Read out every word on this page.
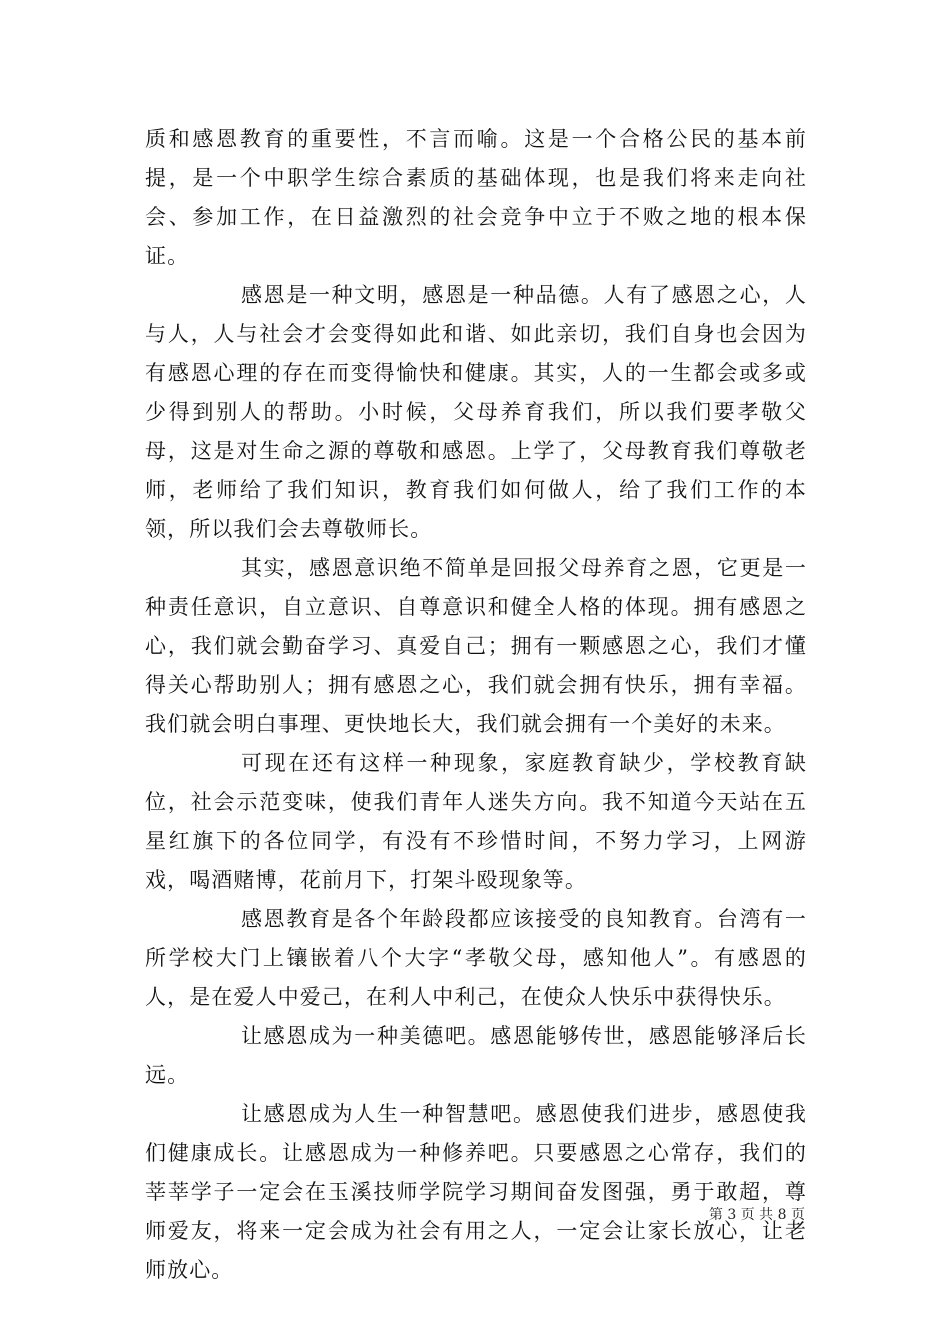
质和感恩教育的重要性，不言而喻。这是一个合格公民的基本前提，是一个中职学生综合素质的基础体现，也是我们将来走向社会、参加工作，在日益激烈的社会竞争中立于不败之地的根本保证。

感恩是一种文明，感恩是一种品德。人有了感恩之心，人与人，人与社会才会变得如此和谐、如此亲切，我们自身也会因为有感恩心理的存在而变得愉快和健康。其实，人的一生都会或多或少得到别人的帮助。小时候，父母养育我们，所以我们要孝敬父母，这是对生命之源的尊敬和感恩。上学了，父母教育我们尊敬老师，老师给了我们知识，教育我们如何做人，给了我们工作的本领，所以我们会去尊敬师长。

其实，感恩意识绝不简单是回报父母养育之恩，它更是一种责任意识，自立意识、自尊意识和健全人格的体现。拥有感恩之心，我们就会勤奋学习、真爱自己；拥有一颗感恩之心，我们才懂得关心帮助别人；拥有感恩之心，我们就会拥有快乐，拥有幸福。我们就会明白事理、更快地长大，我们就会拥有一个美好的未来。

可现在还有这样一种现象，家庭教育缺少，学校教育缺位，社会示范变味，使我们青年人迷失方向。我不知道今天站在五星红旗下的各位同学，有没有不珍惜时间，不努力学习，上网游戏，喝酒赌博，花前月下，打架斗殴现象等。

感恩教育是各个年龄段都应该接受的良知教育。台湾有一所学校大门上镶嵌着八个大字“孝敬父母，感知他人”。有感恩的人，是在爱人中爱己，在利人中利己，在使众人快乐中获得快乐。

让感恩成为一种美德吧。感恩能够传世，感恩能够泽后长远。

让感恩成为人生一种智慧吧。感恩使我们进步，感恩使我们健康成长。让感恩成为一种修养吧。只要感恩之心常存，我们的莘莘学子一定会在玉溪技师学院学习期间奋发图强，勇于敢超，尊师爱友，将来一定会成为社会有用之人，一定会让家长放心，让老师放心。

第 3 页 共 8 页
